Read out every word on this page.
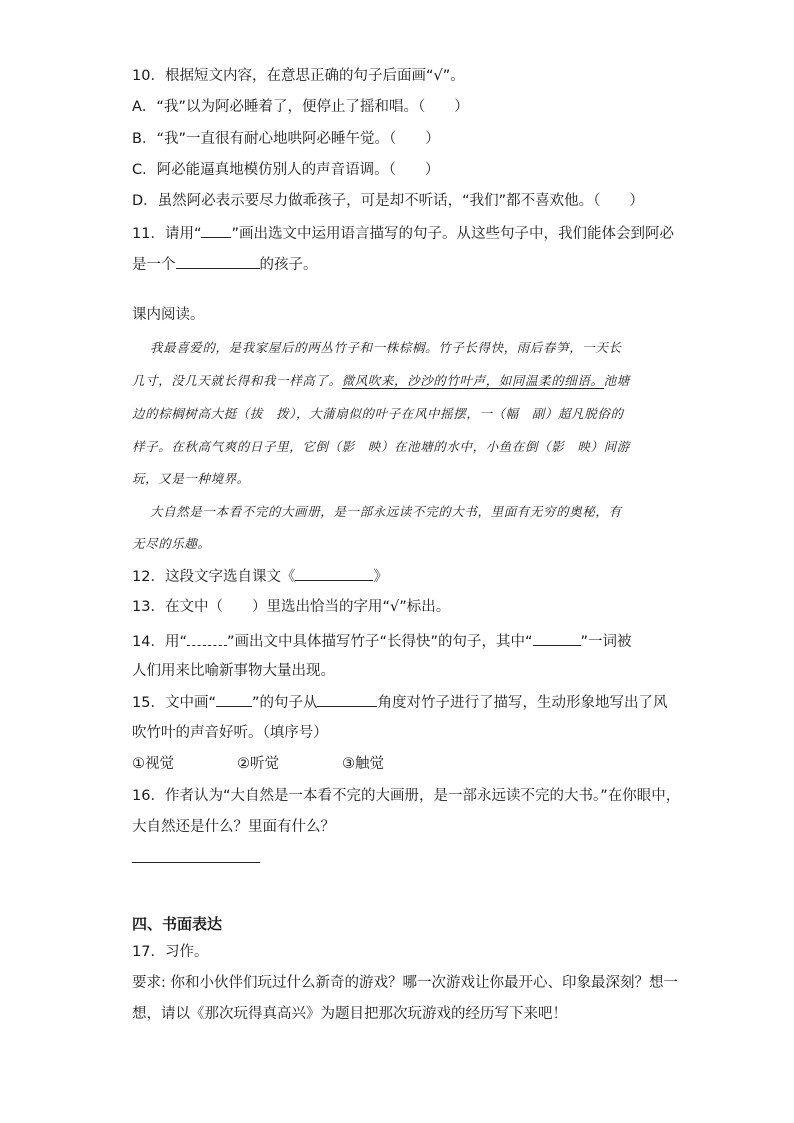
10．根据短文内容，在意思正确的句子后面画“√”。
A．“我”以为阿必睡着了，便停止了摇和唱。（　　）
B．“我”一直很有耐心地哄阿必睡午觉。（　　）
C．阿必能逼真地模仿别人的声音语调。（　　）
D．虽然阿必表示要尽力做乖孩子，可是却不听话，“我们”都不喜欢他。（　　）
11．请用“ ”画出选文中运用语言描写的句子。从这些句子中，我们能体会到阿必
是一个	的孩子。
课内阅读。
我最喜爱的，是我家屋后的两丛竹子和一株棕榈。竹子长得快，雨后春笋，一天长
几寸，没几天就长得和我一样高了。微风吹来，沙沙的竹叶声，如同温柔的细语。池塘
边的棕榈树高大挺（拔　拨），大蒲扇似的叶子在风中摇摆，一（幅　副）超凡脱俗的
样子。在秋高气爽的日子里，它倒（影　映）在池塘的水中，小鱼在倒（影　映）间游
玩，又是一种境界。
大自然是一本看不完的大画册，是一部永远读不完的大书，里面有无穷的奥秘，有
无尽的乐趣。
12．这段文字选自课文《	》
13．在文中（　　）里选出恰当的字用“√”标出。
14．用“	”画出文中具体描写竹子“长得快”的句子，其中“	”一词被
人们用来比喻新事物大量出现。
15．文中画“ ”的句子从	角度对竹子进行了描写，生动形象地写出了风
吹竹叶的声音好听。（填序号）
①视觉	②听觉	③触觉
16．作者认为“大自然是一本看不完的大画册，是一部永远读不完的大书。”在你眼中，
大自然还是什么？里面有什么？
四、书面表达
17．习作。
要求: 你和小伙伴们玩过什么新奇的游戏？哪一次游戏让你最开心、印象最深刻？想一
想，请以《那次玩得真高兴》为题目把那次玩游戏的经历写下来吧！
